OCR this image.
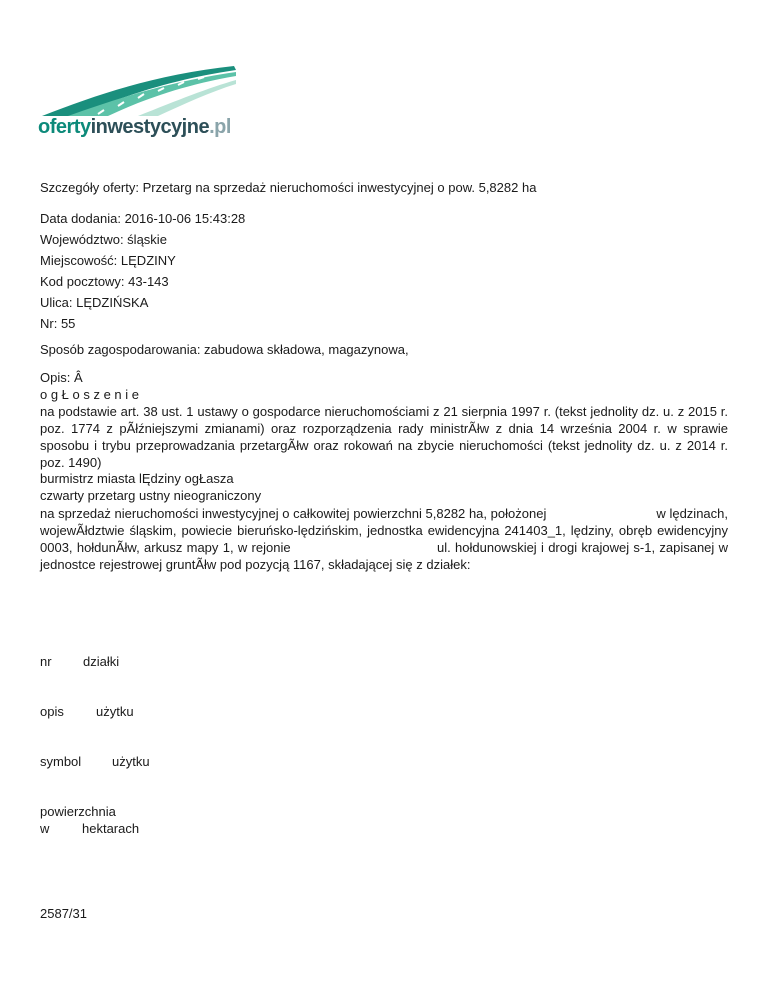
ofertyinwestycyjne.pl
Szczegóły oferty: Przetarg na sprzedaż nieruchomości inwestycyjnej o pow. 5,8282 ha
Data dodania: 2016-10-06 15:43:28
Województwo: śląskie
Miejscowość: LĘDZINY
Kod pocztowy: 43-143
Ulica: LĘDZIŃSKA
Nr: 55
Sposób zagospodarowania: zabudowa składowa, magazynowa,
Opis: Â
o g Ł o s z e n i e
na podstawie art. 38 ust. 1 ustawy o gospodarce nieruchomościami z 21 sierpnia 1997 r. (tekst jednolity dz. u. z 2015 r. poz. 1774 z pÃłźniejszymi zmianami) oraz rozporządzenia rady ministrÃłw z dnia 14 września 2004 r. w sprawie sposobu i trybu przeprowadzania przetargÃłw oraz rokowań na zbycie nieruchomości (tekst jednolity dz. u. z 2014 r. poz. 1490)
burmistrz miasta lĘdziny ogŁasza
czwarty przetarg ustny nieograniczony
na sprzedaż nieruchomości inwestycyjnej o całkowitej powierzchni 5,8282 ha, położonej                              w lędzinach, wojewÃłdztwie śląskim, powiecie bieruńsko-lędzińskim, jednostka ewidencyjna 241403_1, lędziny, obręb ewidencyjny 0003, hołdunÃłw, arkusz mapy 1, w rejonie                                  ul. hołdunowskiej i drogi krajowej s-1, zapisanej w jednostce rejestrowej gruntÃłw pod pozycją 1167, składającej się z działek:
nr działki
opis użytku
symbol użytku
powierzchnia
w	hektarach
2587/31
